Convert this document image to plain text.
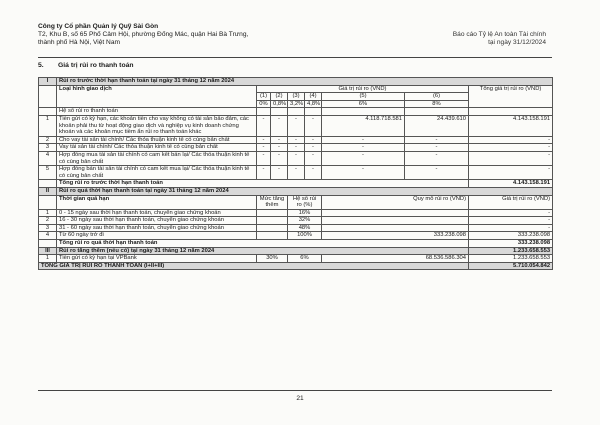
Công ty Cổ phần Quản lý Quỹ Sài Gòn
T2, Khu B, số 65 Phố Cảm Hội, phường Đống Mác, quận Hai Bà Trưng,
thành phố Hà Nội, Việt Nam
Báo cáo Tỷ lệ An toàn Tài chính
tại ngày 31/12/2024
5. Giá trị rủi ro thanh toán
I	Rủi ro trước thời hạn thanh toán tại ngày 31 tháng 12 năm 2024							
	Loại hình giao dịch	Giá trị rủi ro (VND)						Tổng giá trị rủi ro (VND)
		(1)	(2)	(3)	(4)	(5)	(6)	
		0%	0,8%	3,2%	4,8%	6%	8%	
	Hệ số rủi ro thanh toán							
1	Tiền gửi có kỳ hạn, các khoản tiền cho vay không có tài sản bảo đảm, các khoản phải thu từ hoạt động giao dịch và nghiệp vụ kinh doanh chứng khoán và các khoản mục tiềm ẩn rủi ro thanh toán khác	-	-	-	-	4.118.718.581	24.439.610	4.143.158.191
2	Cho vay tài sản tài chính/ Các thỏa thuận kinh tế có cùng bản chất	-	-	-	-	-	-	-
3	Vay tài sản tài chính/ Các thỏa thuận kinh tế có cùng bản chất	-	-	-	-	-	-	-
4	Hợp đồng mua tài sản tài chính có cam kết bán lại/ Các thỏa thuận kinh tế có cùng bản chất	-	-	-	-	-	-	-
5	Hợp đồng bán tài sản tài chính có cam kết mua lại/ Các thỏa thuận kinh tế có cùng bản chất	-	-	-	-	-	-	-
	Tổng rủi ro trước thời hạn thanh toán							4.143.158.191
II	Rủi ro quá thời hạn thanh toán tại ngày 31 tháng 12 năm 2024							
	Thời gian quá hạn	Mức tăng thêm		Hệ số rủi ro (%)		Quy mô rủi ro (VND)		Giá trị rủi ro (VND)
1	0 - 15 ngày sau thời hạn thanh toán, chuyển giao chứng khoán			16%				-
2	16 - 30 ngày sau thời hạn thanh toán, chuyển giao chứng khoán			32%				-
3	31 - 60 ngày sau thời hạn thanh toán, chuyển giao chứng khoán			48%				-
4	Từ 60 ngày trở đi			100%		333.238.098		333.238.098
	Tổng rủi ro quá thời hạn thanh toán							333.238.098
III	Rủi ro tăng thêm (nếu có) tại ngày 31 tháng 12 năm 2024							1.233.658.553
1	Tiền gửi có kỳ hạn tại VPBank	30%		6%		68.536.586.304		1.233.658.553
TỔNG GIÁ TRỊ RỦI RO THANH TOÁN (I+II+III)								5.710.054.842
21
